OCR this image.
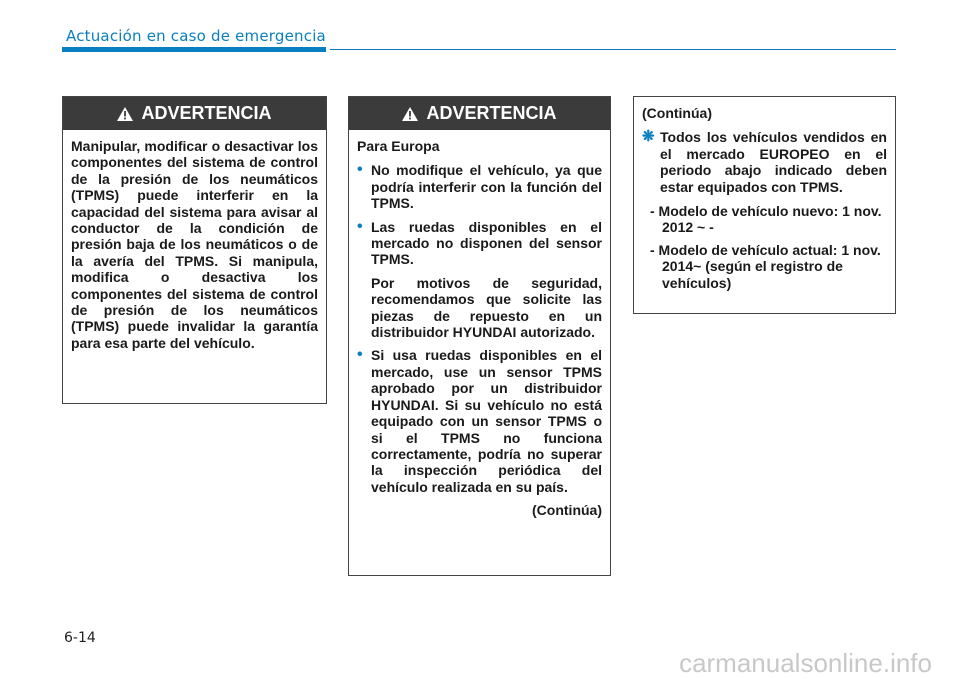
Actuación en caso de emergencia
ADVERTENCIA

Manipular, modificar o desactivar los componentes del sistema de control de la presión de los neumáticos (TPMS) puede interferir en la capacidad del sistema para avisar al conductor de la condición de presión baja de los neumáticos o de la avería del TPMS. Si manipula, modifica o desactiva los componentes del sistema de control de presión de los neumáticos (TPMS) puede invalidar la garantía para esa parte del vehículo.

ADVERTENCIA

Para Europa

• No modifique el vehículo, ya que podría interferir con la función del TPMS.

• Las ruedas disponibles en el mercado no disponen del sensor TPMS.

Por motivos de seguridad, recomendamos que solicite las piezas de repuesto en un distribuidor HYUNDAI autorizado.

• Si usa ruedas disponibles en el mercado, use un sensor TPMS aprobado por un distribuidor HYUNDAI. Si su vehículo no está equipado con un sensor TPMS o si el TPMS no funciona correctamente, podría no superar la inspección periódica del vehículo realizada en su país.

(Continúa)

(Continúa)

❋ Todos los vehículos vendidos en el mercado EUROPEO en el periodo abajo indicado deben estar equipados con TPMS.

- Modelo de vehículo nuevo: 1 nov. 2012 ~ -

- Modelo de vehículo actual: 1 nov. 2014~ (según el registro de vehículos)

6-14
carmanualsonline.info
